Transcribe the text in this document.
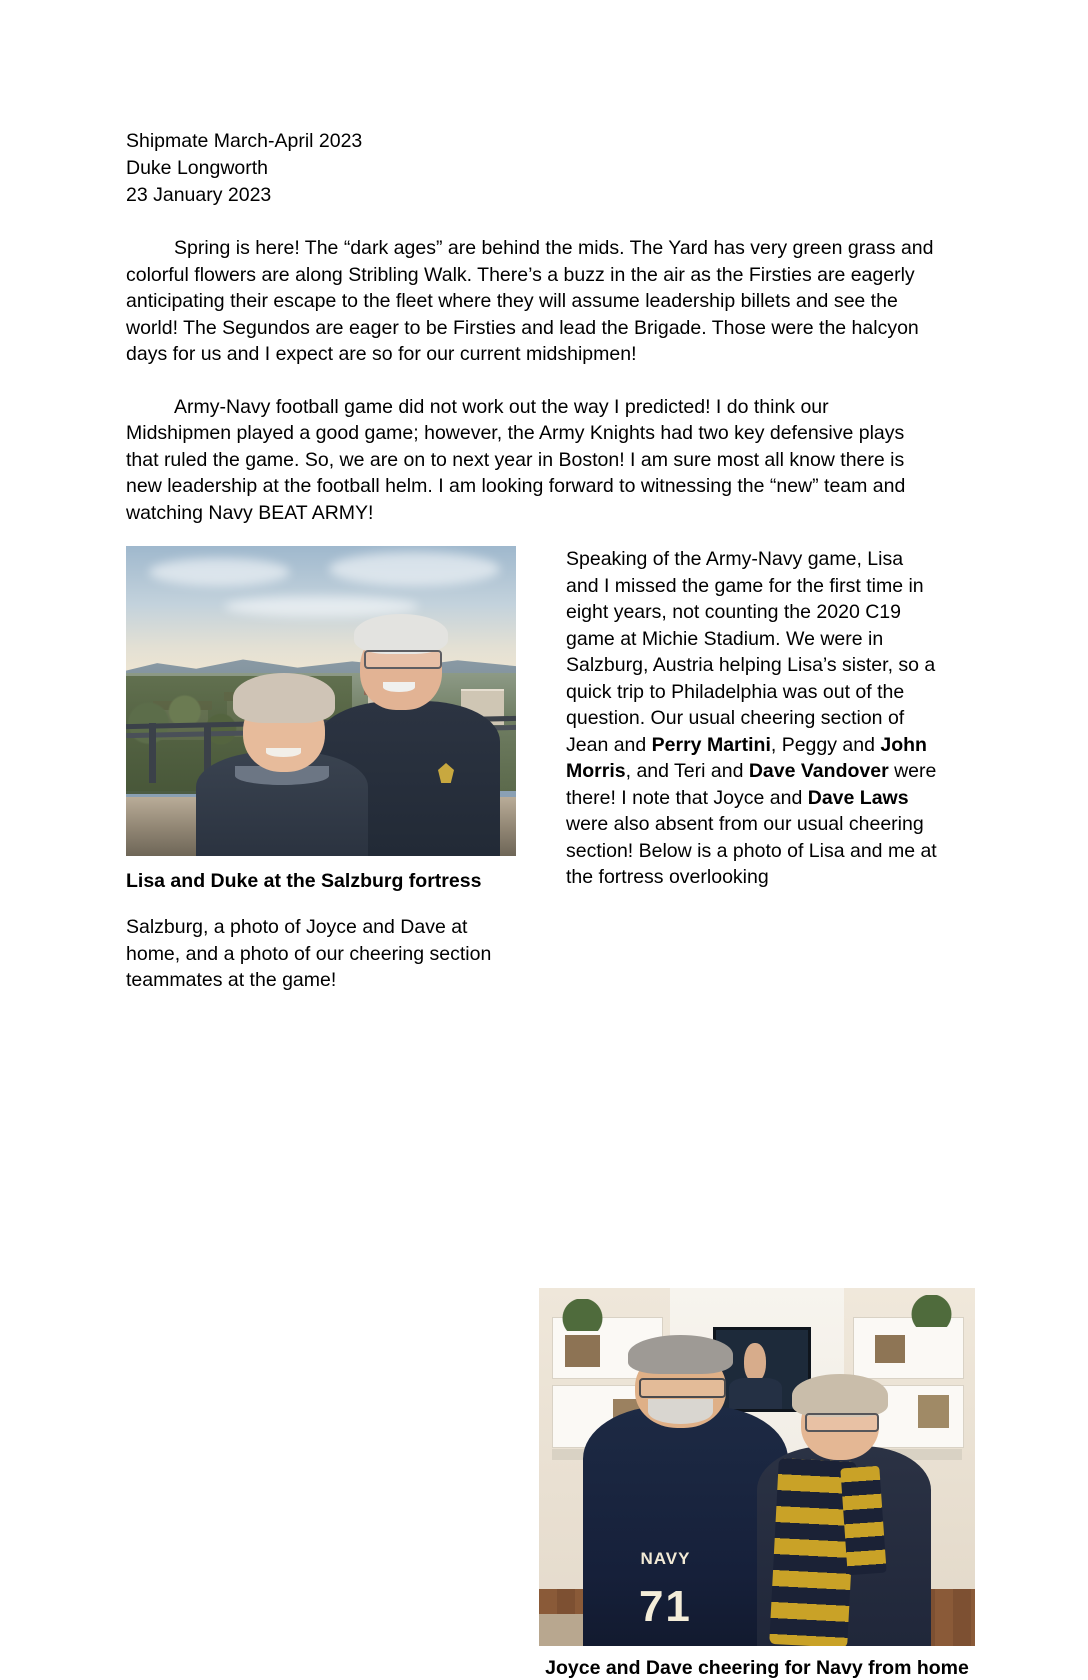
Shipmate March-April 2023
Duke Longworth
23 January 2023

Spring is here! The “dark ages” are behind the mids. The Yard has very green grass and colorful flowers are along Stribling Walk. There’s a buzz in the air as the Firsties are eagerly anticipating their escape to the fleet where they will assume leadership billets and see the world! The Segundos are eager to be Firsties and lead the Brigade. Those were the halcyon days for us and I expect are so for our current midshipmen!

Army-Navy football game did not work out the way I predicted! I do think our Midshipmen played a good game; however, the Army Knights had two key defensive plays that ruled the game. So, we are on to next year in Boston! I am sure most all know there is new leadership at the football helm. I am looking forward to witnessing the “new” team and watching Navy BEAT ARMY!

Lisa and Duke at the Salzburg fortress
Speaking of the Army-Navy game, Lisa and I missed the game for the first time in eight years, not counting the 2020 C19 game at Michie Stadium. We were in Salzburg, Austria helping Lisa’s sister, so a quick trip to Philadelphia was out of the question. Our usual cheering section of Jean and Perry Martini, Peggy and John Morris, and Teri and Dave Vandover were there! I note that Joyce and Dave Laws were also absent from our usual cheering section! Below is a photo of Lisa and me at the fortress overlooking
Salzburg, a photo of Joyce and Dave at home, and a photo of our cheering section teammates at the game!
NAVY
71
Joyce and Dave cheering for Navy from home
